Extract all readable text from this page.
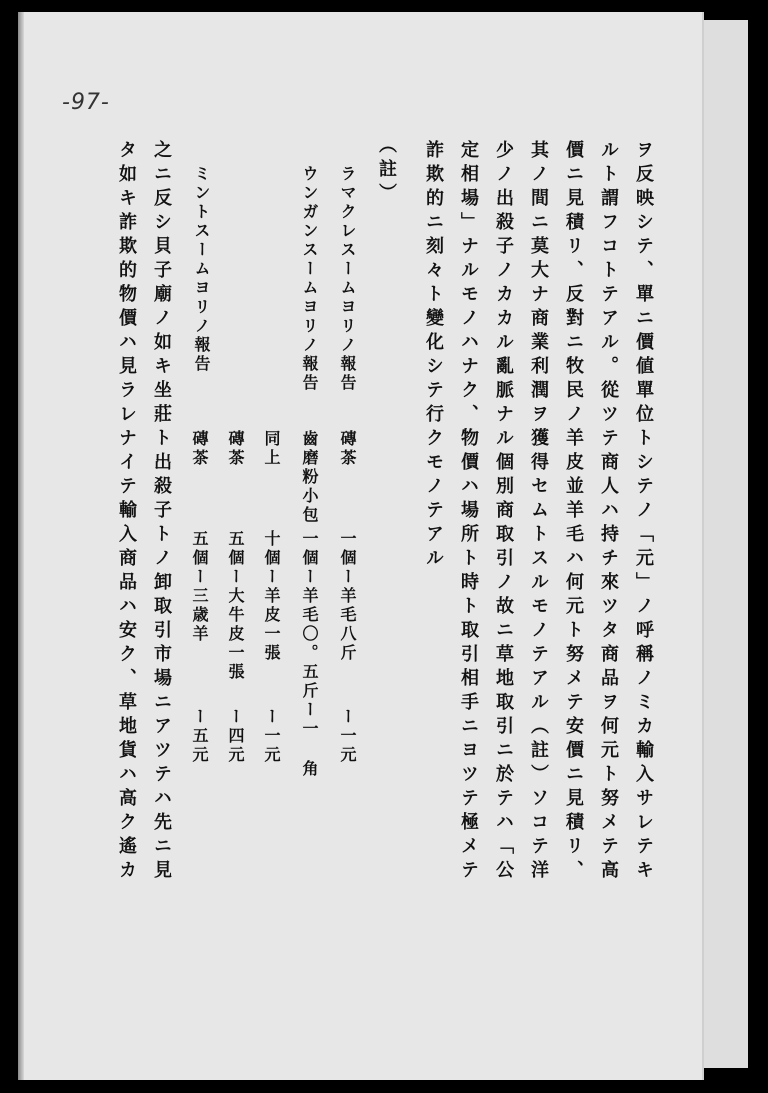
-97-
ヲ反映シテ、單ニ價値單位トシテノ「元」ノ呼稱ノミカ輸入サレテキ
ルト謂フコトテアル。從ツテ商人ハ持チ來ツタ商品ヲ何元ト努メテ高
價ニ見積リ、反對ニ牧民ノ羊皮並羊毛ハ何元ト努メテ安價ニ見積リ、
其ノ間ニ莫大ナ商業利潤ヲ獲得セムトスルモノテアル（註）ソコテ洋
少ノ出殺子ノカカル亂脈ナル個別商取引ノ故ニ草地取引ニ於テハ「公
定相場」ナルモノハナク、物價ハ場所ト時ト取引相手ニヨツテ極メテ
詐欺的ニ刻々ト變化シテ行クモノテアル
（註）
ラマクレスームヨリノ報告
磚茶
一個ー羊毛八斤
ー一元
ウンガンスームヨリノ報告
齒磨粉小包
一個ー羊毛〇。五斤ー一
角
同上
十個ー羊皮一張
ー一元
ミントスームヨリノ報告
磚茶
五個ー大牛皮一張
ー四元
磚茶
五個ー三歳羊
ー五元
之ニ反シ貝子廟ノ如キ坐莊ト出殺子トノ卸取引市場ニアツテハ先ニ見
タ如キ詐欺的物價ハ見ラレナイテ輸入商品ハ安ク、草地貨ハ高ク遙カ
